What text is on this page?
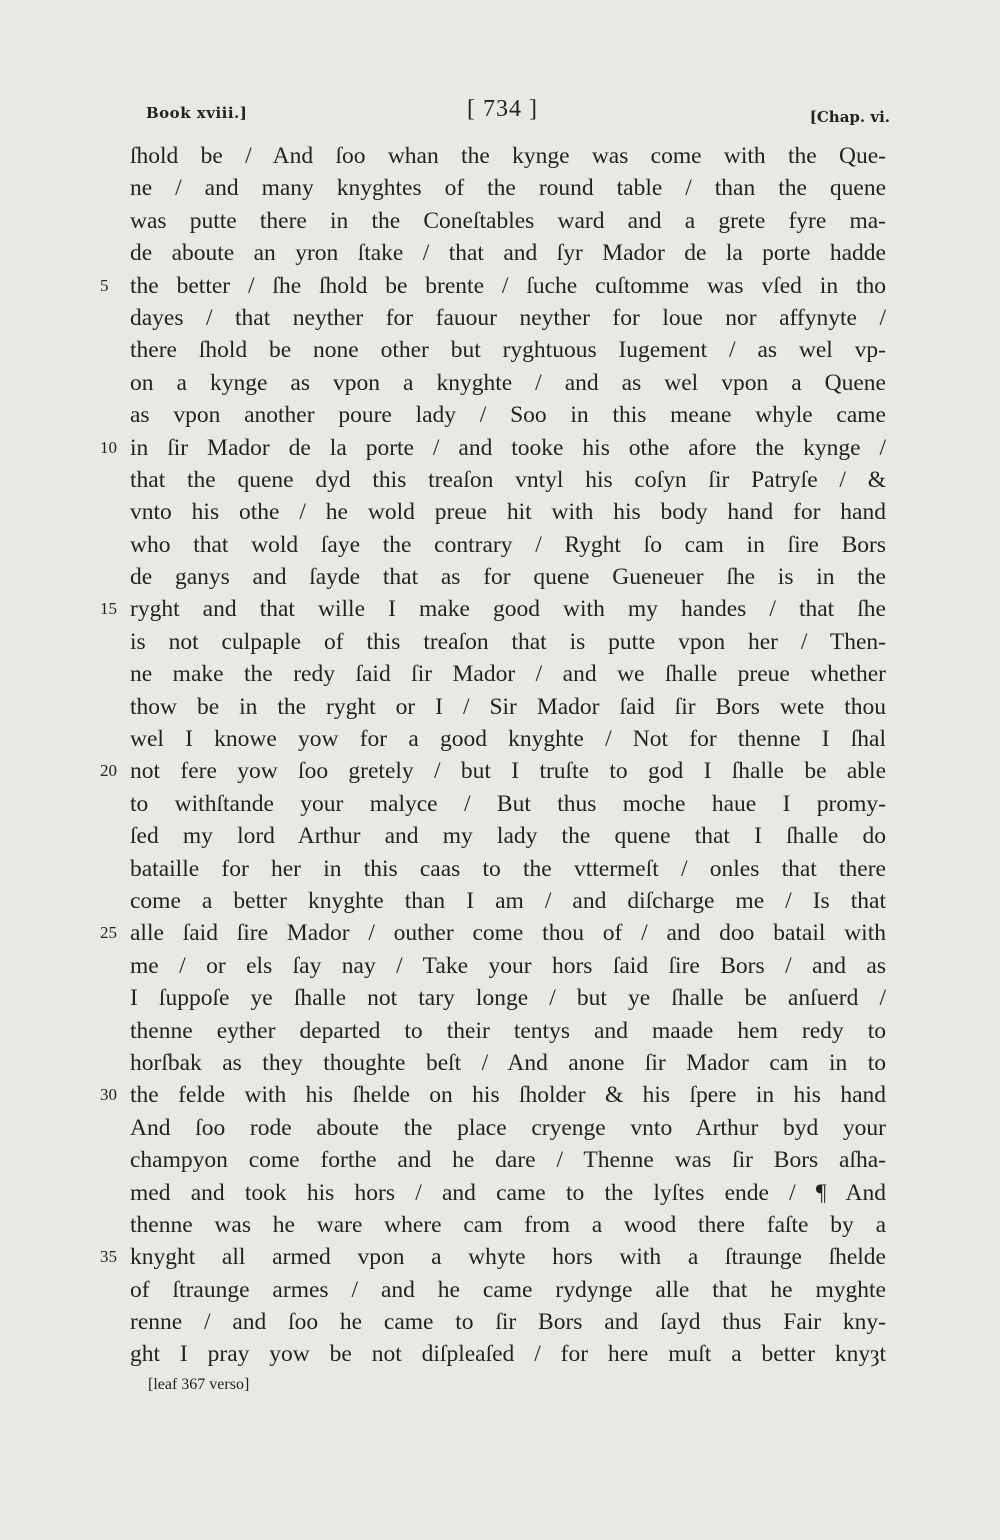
Book xviii.]	[ 734 ]	[Chap. vi.
ſhold be / And ſoo whan the kynge was come with the Que-
ne / and many knyghtes of the round table / than the quene
was putte there in the Coneſtables ward and a grete fyre ma-
de aboute an yron ſtake / that and ſyr Mador de la porte hadde
5 the better / ſhe ſhold be brente / ſuche cuſtomme was vſed in tho
dayes / that neyther for fauour neyther for loue nor affynyte /
there ſhold be none other but ryghtuous Iugement / as wel vp-
on a kynge as vpon a knyghte / and as wel vpon a Quene
as vpon another poure lady / Soo in this meane whyle came
10 in ſir Mador de la porte / and tooke his othe afore the kynge /
that the quene dyd this treaſon vntyl his coſyn ſir Patryſe / &
vnto his othe / he wold preue hit with his body hand for hand
who that wold ſaye the contrary / Ryght ſo cam in ſire Bors
de ganys and ſayde that as for quene Gueneuer ſhe is in the
15 ryght and that wille I make good with my handes / that ſhe
is not culpaple of this treaſon that is putte vpon her / Then-
ne make the redy ſaid ſir Mador / and we ſhalle preue whether
thow be in the ryght or I / Sir Mador ſaid ſir Bors wete thou
wel I knowe yow for a good knyghte / Not for thenne I ſhal
20 not fere yow ſoo gretely / but I truſte to god I ſhalle be able
to withſtande your malyce / But thus moche haue I promy-
ſed my lord Arthur and my lady the quene that I ſhalle do
bataille for her in this caas to the vttermeſt / onles that there
come a better knyghte than I am / and diſcharge me / Is that
25 alle ſaid ſire Mador / outher come thou of / and doo batail with
me / or els ſay nay / Take your hors ſaid ſire Bors / and as
I ſuppoſe ye ſhalle not tary longe / but ye ſhalle be anſuerd /
thenne eyther departed to their tentys and maade hem redy to
horſbak as they thoughte beſt / And anone ſir Mador cam in to
30 the felde with his ſhelde on his ſholder & his ſpere in his hand
And ſoo rode aboute the place cryenge vnto Arthur byd your
champyon come forthe and he dare / Thenne was ſir Bors aſha-
med and took his hors / and came to the lyſtes ende / ¶ And
thenne was he ware where cam from a wood there faſte by a
35 knyght all armed vpon a whyte hors with a ſtraunge ſhelde
of ſtraunge armes / and he came rydynge alle that he myghte
renne / and ſoo he came to ſir Bors and ſayd thus Fair kny-
ght I pray yow be not diſpleaſed / for here muſt a better knyȝt
[leaf 367 verso]
